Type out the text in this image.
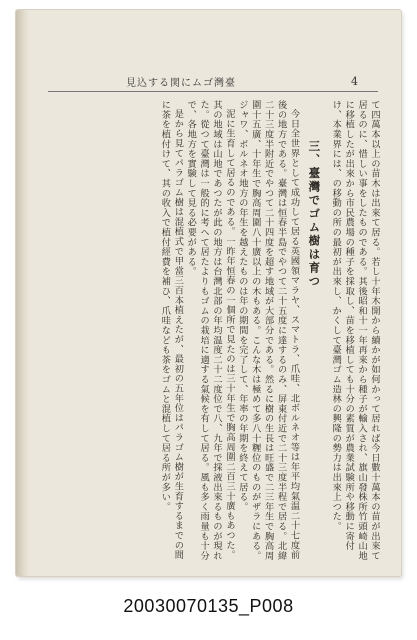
見込する関にムゴ灣臺	4

て四萬本以上の苗木は出來て居る。若し十年木開から續かが如何かって居れば今日數十萬本の苗が出來て居るのに、惜しい事をしたものである。其後昭和十一年再來から種子が輸入され、旗山發株所竹頭崎山地に移植したが出來から市民農場の種子を採取し、苗を移植しても十分の素質が農業試験所や移動に寄付け、本業界には、の移動の所の最初が出來し、かくして臺灣ゴム造林の興隆の勢力は出來上つた。

三、臺灣でゴム樹は育つ

今日全世界として成功して居る英國領マラヤ、スマトラ、爪哇、北ボルネオ等は年平均氣温二十七度前後の地方である。臺灣は恒春半島でやつて二十五度に達するのみ、屏東付近で二十三度半程で居る。北緯二十三度半附近でやつて二十四度を超す地域が大部分である。然るに樹の生長は旺盛で二三年生で胸高周圍十五廣、十年生で胸高周圍八十廣以上の木もある。こんな木は極めて多八十糎位のものがザラにある。ジャワ、ボルネオ地方の年生を越えたものは年の期間を完了して、年率の年期を終えて居る。

泥に生育して居るのである。一昨年恒春の一個所で見たのは三十年生で胸高周圍二百三十廣もあつた。其の地域は山地であつたが此の地方は台灣北部の年均温度二十二度位で八、九年で採液出來るものが現れた。從つて臺灣は一般的に考へて居たよりもゴムの栽培に適する氣候を有して居る。風も多く雨量も十分で、各地方を實験して見る必要がある。

是から見てパラゴム樹は混植式で甲當三百本植えたが、最初の五年位はパラゴム樹が生育するまでの間に茶を植付けて、其の收入で植付經費を補ひ、爪哇なども茶をゴムと混植して居る所が多い。

20030070135_P008
